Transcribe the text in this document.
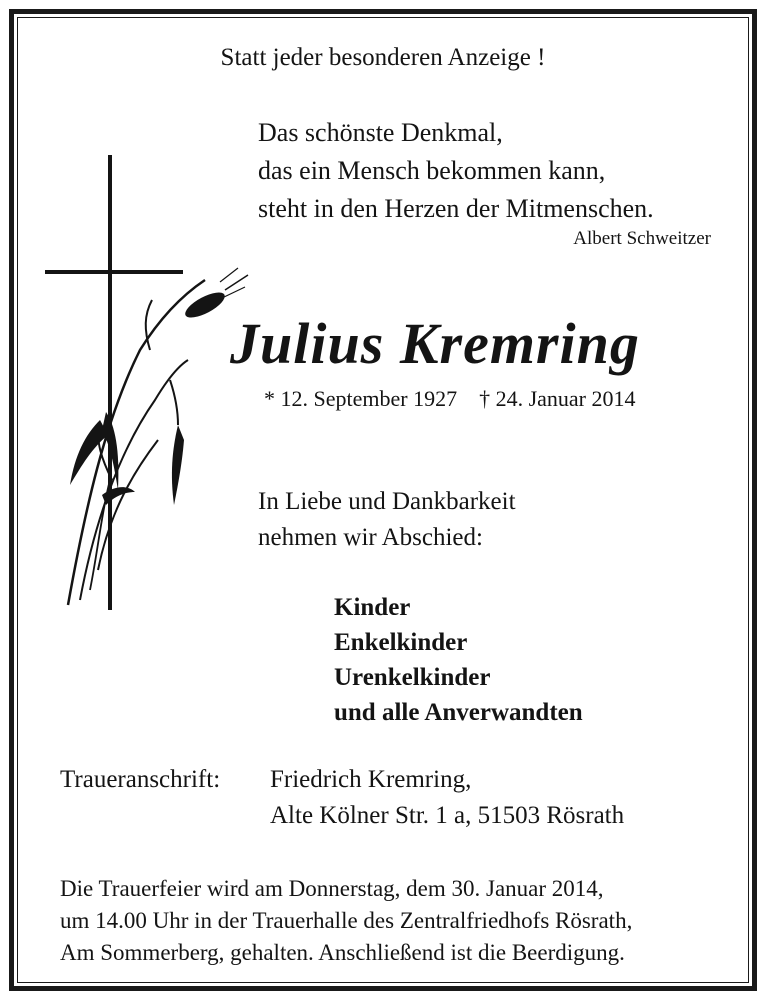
Statt jeder besonderen Anzeige !
Das schönste Denkmal,
das ein Mensch bekommen kann,
steht in den Herzen der Mitmenschen.
Albert Schweitzer
Julius Kremring
* 12. September 1927 † 24. Januar 2014
In Liebe und Dankbarkeit
nehmen wir Abschied:
Kinder
Enkelkinder
Urenkelkinder
und alle Anverwandten
Traueranschrift: Friedrich Kremring,
Alte Kölner Str. 1 a, 51503 Rösrath
Die Trauerfeier wird am Donnerstag, dem 30. Januar 2014,
um 14.00 Uhr in der Trauerhalle des Zentralfriedhofs Rösrath,
Am Sommerberg, gehalten. Anschließend ist die Beerdigung.
